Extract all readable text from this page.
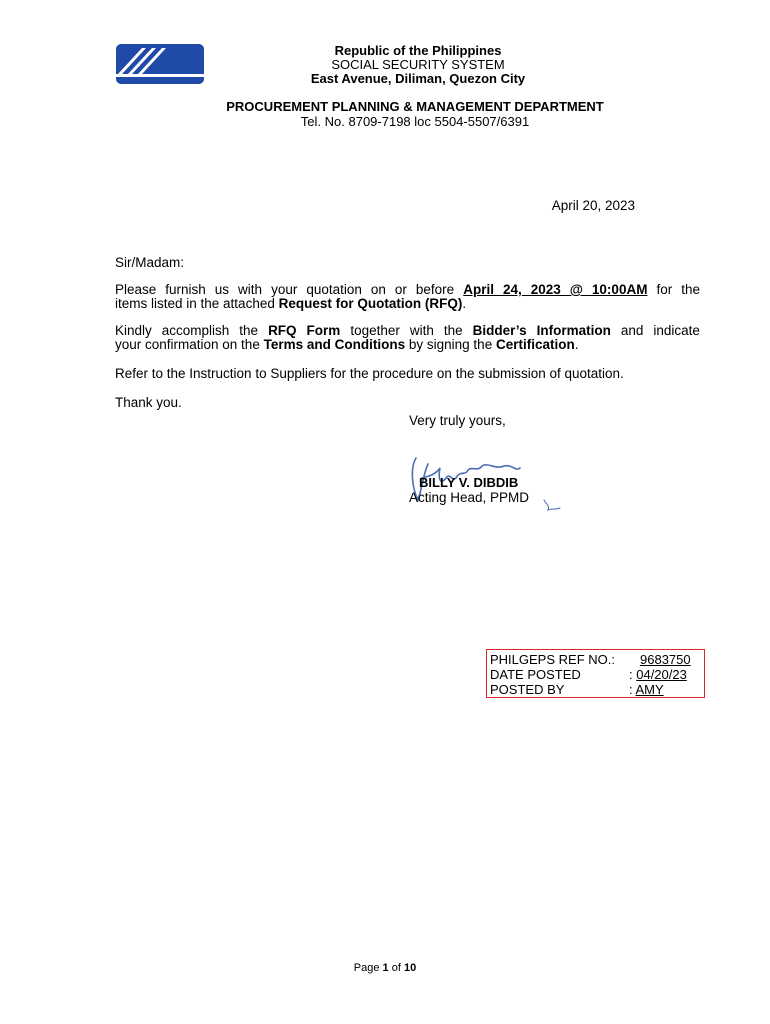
Republic of the Philippines
SOCIAL SECURITY SYSTEM
East Avenue, Diliman, Quezon City
PROCUREMENT PLANNING & MANAGEMENT DEPARTMENT
Tel. No. 8709-7198 loc 5504-5507/6391
April 20, 2023
Sir/Madam:
Please furnish us with your quotation on or before April 24, 2023 @ 10:00AM for the
items listed in the attached Request for Quotation (RFQ).
Kindly accomplish the RFQ Form together with the Bidder’s Information and indicate
your confirmation on the Terms and Conditions by signing the Certification.
Refer to the Instruction to Suppliers for the procedure on the submission of quotation.
Thank you.
Very truly yours,
BILLY V. DIBDIB
Acting Head, PPMD
PHILGEPS REF NO.: 9683750
DATE POSTED	: 04/20/23
POSTED BY	: AMY
Page 1 of 10
